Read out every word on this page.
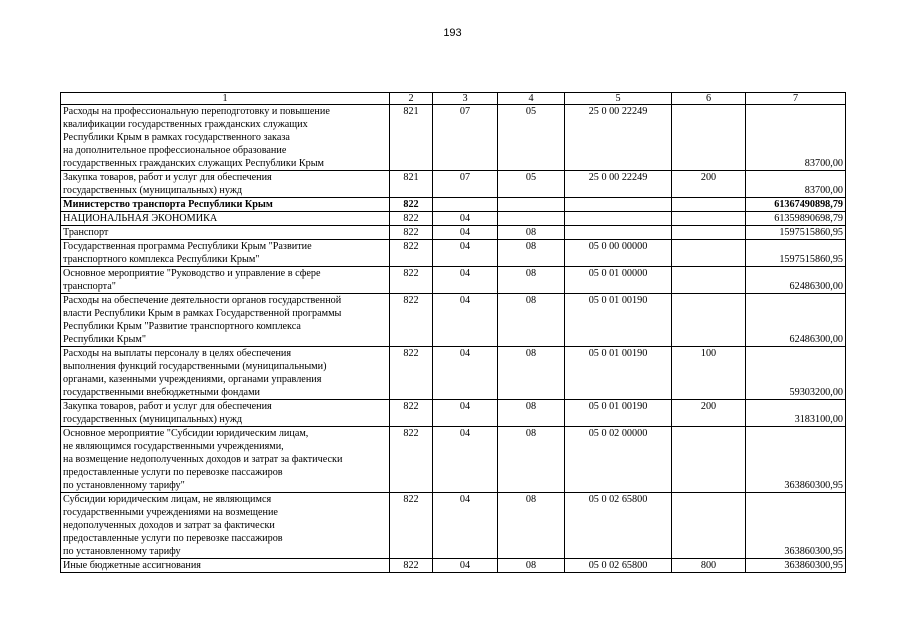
193
1	2	3	4	5	6	7

Расходы на профессиональную переподготовку и повышение
квалификации государственных гражданских служащих
Республики Крым в рамках государственного заказа
на дополнительное профессиональное образование
государственных гражданских служащих Республики Крым	821	07	05	25 0 00 22249		83700,00

Закупка товаров, работ и услуг для обеспечения
государственных (муниципальных) нужд	821	07	05	25 0 00 22249	200	83700,00

Министерство транспорта Республики Крым	822					61367490898,79

НАЦИОНАЛЬНАЯ ЭКОНОМИКА	822	04				61359890698,79

Транспорт	822	04	08			1597515860,95

Государственная программа Республики Крым "Развитие
транспортного комплекса Республики Крым"	822	04	08	05 0 00 00000		1597515860,95

Основное мероприятие "Руководство и управление в сфере
транспорта"	822	04	08	05 0 01 00000		62486300,00

Расходы на обеспечение деятельности органов государственной
власти Республики Крым в рамках Государственной программы
Республики Крым "Развитие транспортного комплекса
Республики Крым"	822	04	08	05 0 01 00190		62486300,00

Расходы на выплаты персоналу в целях обеспечения
выполнения функций государственными (муниципальными)
органами, казенными учреждениями, органами управления
государственными внебюджетными фондами	822	04	08	05 0 01 00190	100	59303200,00

Закупка товаров, работ и услуг для обеспечения
государственных (муниципальных) нужд	822	04	08	05 0 01 00190	200	3183100,00

Основное мероприятие "Субсидии юридическим лицам,
не являющимся государственными учреждениями,
на возмещение недополученных доходов и затрат за фактически
предоставленные услуги по перевозке пассажиров
по установленному тарифу"	822	04	08	05 0 02 00000		363860300,95

Субсидии юридическим лицам, не являющимся
государственными учреждениями на возмещение
недополученных доходов и затрат за фактически
предоставленные услуги по перевозке пассажиров
по установленному тарифу	822	04	08	05 0 02 65800		363860300,95

Иные бюджетные ассигнования	822	04	08	05 0 02 65800	800	363860300,95
